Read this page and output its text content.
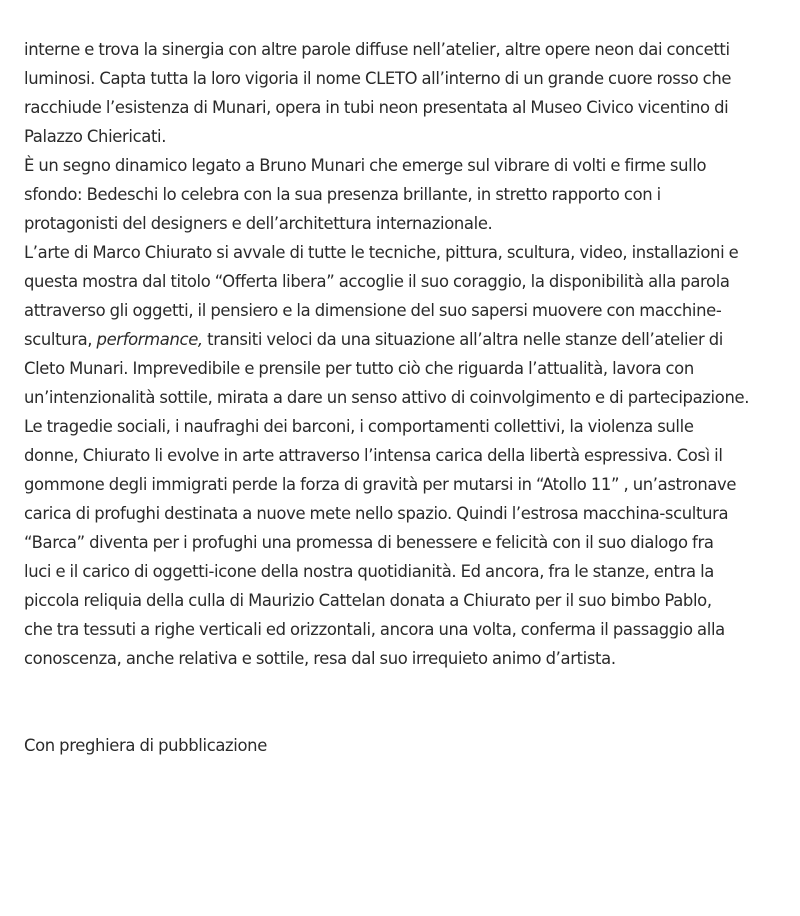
interne e trova la sinergia con altre parole diffuse nell’atelier, altre opere neon dai concetti
luminosi. Capta tutta la loro vigoria il nome CLETO all’interno di un grande cuore rosso che
racchiude l’esistenza di Munari, opera in tubi neon presentata al Museo Civico vicentino di
Palazzo Chiericati.
È un segno dinamico legato a Bruno Munari che emerge sul vibrare di volti e firme sullo
sfondo: Bedeschi lo celebra con la sua presenza brillante, in stretto rapporto con i
protagonisti del designers e dell’architettura internazionale.
L’arte di Marco Chiurato si avvale di tutte le tecniche, pittura, scultura, video, installazioni e
questa mostra dal titolo “Offerta libera” accoglie il suo coraggio, la disponibilità alla parola
attraverso gli oggetti, il pensiero e la dimensione del suo sapersi muovere con macchine-
scultura, performance, transiti veloci da una situazione all’altra nelle stanze dell’atelier di
Cleto Munari. Imprevedibile e prensile per tutto ciò che riguarda l’attualità, lavora con
un’intenzionalità sottile, mirata a dare un senso attivo di coinvolgimento e di partecipazione.
Le tragedie sociali, i naufraghi dei barconi, i comportamenti collettivi, la violenza sulle
donne, Chiurato li evolve in arte attraverso l’intensa carica della libertà espressiva. Così il
gommone degli immigrati perde la forza di gravità per mutarsi in “Atollo 11” , un’astronave
carica di profughi destinata a nuove mete nello spazio. Quindi l’estrosa macchina-scultura
“Barca” diventa per i profughi una promessa di benessere e felicità con il suo dialogo fra
luci e il carico di oggetti-icone della nostra quotidianità. Ed ancora, fra le stanze, entra la
piccola reliquia della culla di Maurizio Cattelan donata a Chiurato per il suo bimbo Pablo,
che tra tessuti a righe verticali ed orizzontali, ancora una volta, conferma il passaggio alla
conoscenza, anche relativa e sottile, resa dal suo irrequieto animo d’artista.
Con preghiera di pubblicazione
